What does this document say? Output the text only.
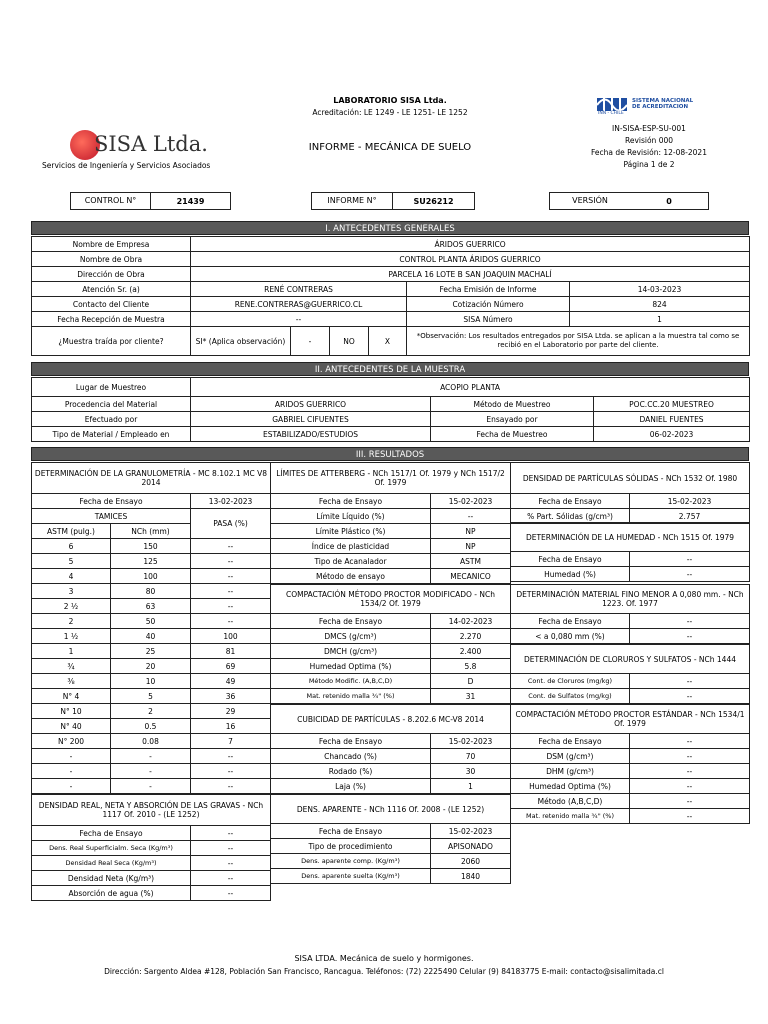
LABORATORIO SISA Ltda.
Acreditación: LE 1249 - LE 1251- LE 1252
INFORME - MECÁNICA DE SUELO
SISA Ltda.
Servicios de Ingeniería y Servicios Asociados
SISTEMA NACIONAL DE ACREDITACION
INN - CHILE
IN-SISA-ESP-SU-001
Revisión 000
Fecha de Revisión: 12-08-2021
Página 1 de 2
CONTROL N°	21439	INFORME N°	SU26212	VERSIÓN	0
I. ANTECEDENTES GENERALES
Nombre de Empresa	ÁRIDOS GUERRICO					
Nombre de Obra	CONTROL PLANTA ÁRIDOS GUERRICO					
Dirección de Obra	PARCELA 16 LOTE B SAN JOAQUIN MACHALÍ					
Atención Sr. (a)	RENÉ CONTRERAS				Fecha Emisión de Informe	14-03-2023
Contacto del Cliente	RENE.CONTRERAS@GUERRICO.CL				Cotización Número	824
Fecha Recepción de Muestra	--				SISA Número	1
¿Muestra traída por cliente?	SI* (Aplica observación)	-	NO	X	*Observación: Los resultados entregados por SISA Ltda. se aplican a la muestra tal como se recibió en el Laboratorio por parte del cliente.	
II. ANTECEDENTES DE LA MUESTRA
Lugar de Muestreo	ACOPIO PLANTA		
Procedencia del Material	ARIDOS GUERRICO	Método de Muestreo	POC.CC.20 MUESTREO
Efectuado por	GABRIEL CIFUENTES	Ensayado por	DANIEL FUENTES
Tipo de Material / Empleado en	ESTABILIZADO/ESTUDIOS	Fecha de Muestreo	06-02-2023
III. RESULTADOS
DETERMINACIÓN DE LA GRANULOMETRÍA - MC 8.102.1 MC V8 2014		
Fecha de Ensayo		13-02-2023
TAMICES		PASA (%)
ASTM (pulg.)	NCh (mm)	
6	150	--
5	125	--
4	100	--
3	80	--
2 ½	63	--
2	50	--
1 ½	40	100
1	25	81
¾	20	69
⅜	10	49
N° 4	5	36
N° 10	2	29
N° 40	0.5	16
N° 200	0.08	7
-	-	--
-	-	--
-	-	--
DENSIDAD REAL, NETA Y ABSORCIÓN DE LAS GRAVAS - NCh 1117 Of. 2010 - (LE 1252)	
Fecha de Ensayo	--
Dens. Real Superficialm. Seca (Kg/m³)	--
Densidad Real Seca (Kg/m³)	--
Densidad Neta (Kg/m³)	--
Absorción de agua (%)	--
LÍMITES DE ATTERBERG - NCh 1517/1 Of. 1979 y NCh 1517/2 Of. 1979	
Fecha de Ensayo	15-02-2023
Límite Líquido (%)	--
Límite Plástico (%)	NP
Índice de plasticidad	NP
Tipo de Acanalador	ASTM
Método de ensayo	MECANICO
COMPACTACIÓN MÉTODO PROCTOR MODIFICADO - NCh 1534/2 Of. 1979	
Fecha de Ensayo	14-02-2023
DMCS (g/cm³)	2.270
DMCH (g/cm³)	2.400
Humedad Optima (%)	5.8
Método Modific. (A,B,C,D)	D
Mat. retenido malla ¾" (%)	31
CUBICIDAD DE PARTÍCULAS - 8.202.6 MC-V8 2014	
Fecha de Ensayo	15-02-2023
Chancado (%)	70
Rodado (%)	30
Laja (%)	1
DENS. APARENTE - NCh 1116 Of. 2008 - (LE 1252)	
Fecha de Ensayo	15-02-2023
Tipo de procedimiento	APISONADO
Dens. aparente comp. (Kg/m³)	2060
Dens. aparente suelta (Kg/m³)	1840
DENSIDAD DE PARTÍCULAS SÓLIDAS - NCh 1532 Of. 1980	
Fecha de Ensayo	15-02-2023
% Part. Sólidas (g/cm³)	2.757
DETERMINACIÓN DE LA HUMEDAD - NCh 1515 Of. 1979	
Fecha de Ensayo	--
Humedad (%)	--
DETERMINACIÓN MATERIAL FINO MENOR A 0,080 mm. - NCh 1223. Of. 1977	
Fecha de Ensayo	--
< a 0,080 mm (%)	--
DETERMINACIÓN DE CLORUROS Y SULFATOS - NCh 1444	
Cont. de Cloruros (mg/kg)	--
Cont. de Sulfatos (mg/kg)	--
COMPACTACIÓN MÉTODO PROCTOR ESTÁNDAR - NCh 1534/1 Of. 1979	
Fecha de Ensayo	--
DSM (g/cm³)	--
DHM (g/cm³)	--
Humedad Optima (%)	--
Método (A,B,C,D)	--
Mat. retenido malla ¾" (%)	--
SISA LTDA. Mecánica de suelo y hormigones.
Dirección: Sargento Aldea #128, Población San Francisco, Rancagua. Teléfonos: (72) 2225490 Celular (9) 84183775 E-mail: contacto@sisalimitada.cl
